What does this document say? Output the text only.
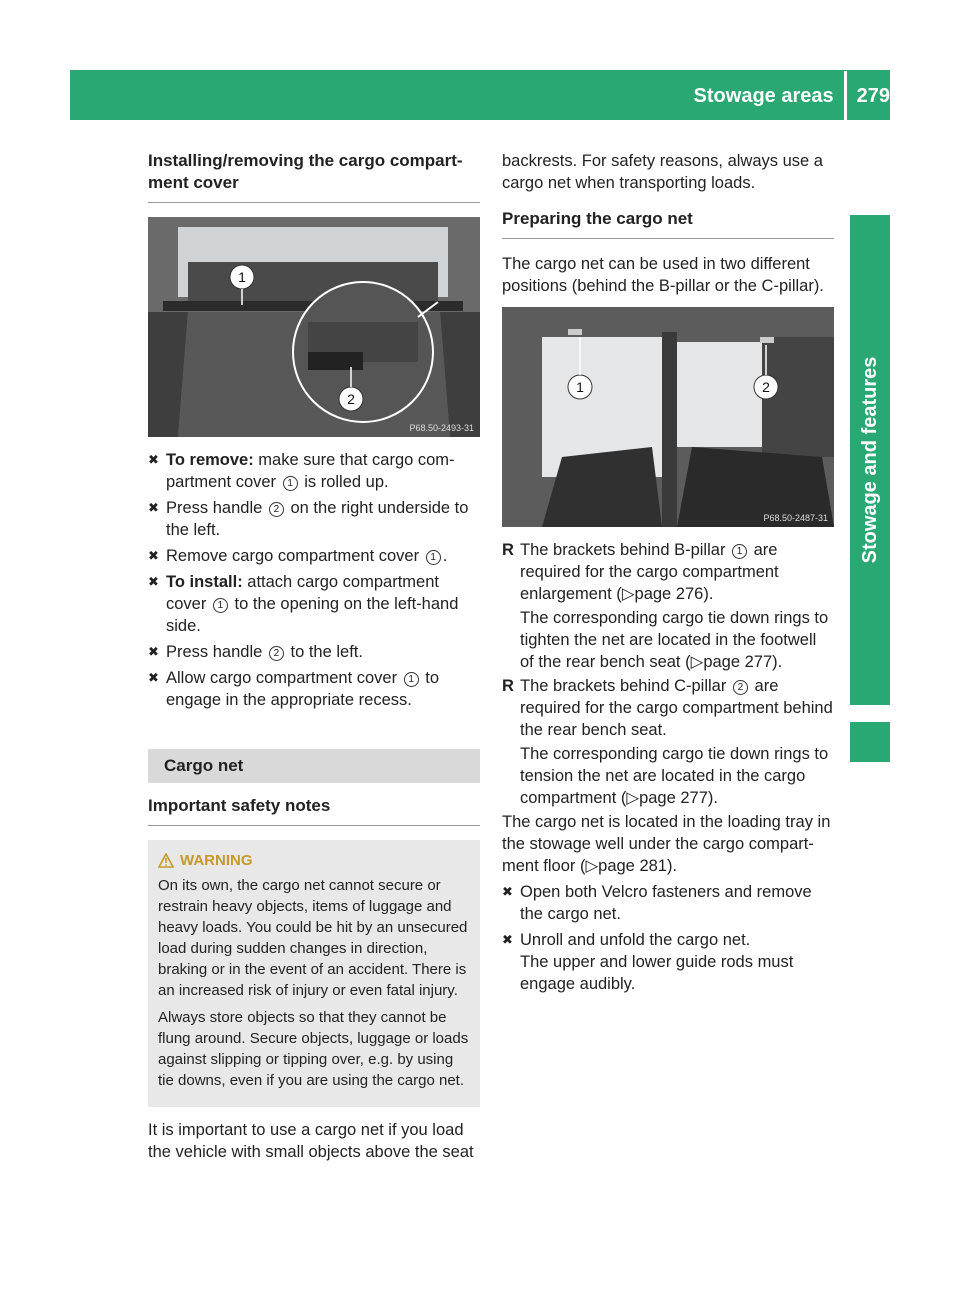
Stowage areas 279
Stowage and features
Installing/removing the cargo compart-ment cover
1
2
P68.50-2493-31
✖ To remove: make sure that cargo com-partment cover 1 is rolled up.
✖ Press handle 2 on the right underside to the left.
✖ Remove cargo compartment cover 1 .
✖ To install: attach cargo compartment cover 1 to the opening on the left-hand side.
✖ Press handle 2 to the left.
✖ Allow cargo compartment cover 1 to engage in the appropriate recess.
Cargo net
Important safety notes
WARNING

On its own, the cargo net cannot secure or restrain heavy objects, items of luggage and heavy loads. You could be hit by an unsecured load during sudden changes in direction, braking or in the event of an accident. There is an increased risk of injury or even fatal injury.

Always store objects so that they cannot be flung around. Secure objects, luggage or loads against slipping or tipping over, e.g. by using tie downs, even if you are using the cargo net.

It is important to use a cargo net if you load the vehicle with small objects above the seat

backrests. For safety reasons, always use a cargo net when transporting loads.

Preparing the cargo net

The cargo net can be used in two different positions (behind the B-pillar or the C-pillar).

1	2
P68.50-2487-31
R The brackets behind B-pillar 1 are required for the cargo compartment enlargement (▷page 276).
The corresponding cargo tie down rings to tighten the net are located in the footwell of the rear bench seat (▷page 277).
R The brackets behind C-pillar 2 are required for the cargo compartment behind the rear bench seat.
The corresponding cargo tie down rings to tension the net are located in the cargo compartment (▷page 277).

The cargo net is located in the loading tray in the stowage well under the cargo compart-ment floor (▷page 281).

✖ Open both Velcro fasteners and remove the cargo net.
✖ Unroll and unfold the cargo net.
The upper and lower guide rods must engage audibly.
